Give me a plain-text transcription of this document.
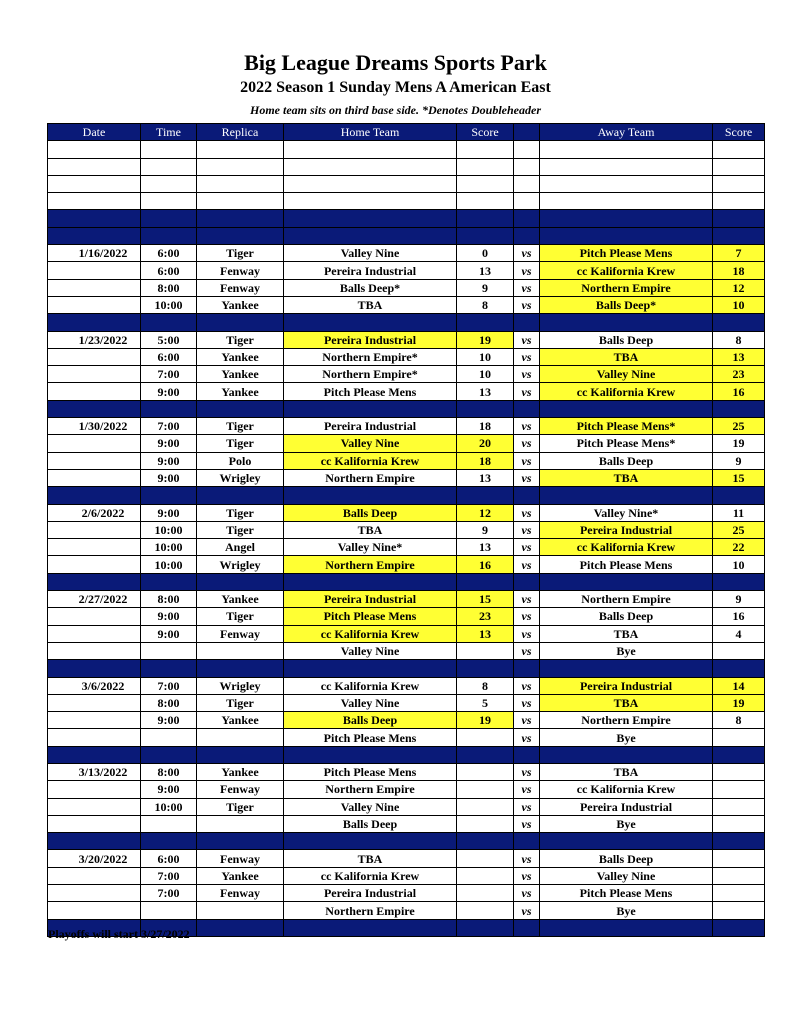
Big League Dreams Sports Park
2022 Season 1 Sunday Mens A American East
Home team sits on third base side. *Denotes Doubleheader
Date	Time	Replica	Home Team	Score		Away Team	Score

1/16/2022	6:00	Tiger	Valley Nine	0	vs	Pitch Please Mens	7
	6:00	Fenway	Pereira Industrial	13	vs	cc Kalifornia Krew	18
	8:00	Fenway	Balls Deep*	9	vs	Northern Empire	12
	10:00	Yankee	TBA	8	vs	Balls Deep*	10

1/23/2022	5:00	Tiger	Pereira Industrial	19	vs	Balls Deep	8
	6:00	Yankee	Northern Empire*	10	vs	TBA	13
	7:00	Yankee	Northern Empire*	10	vs	Valley Nine	23
	9:00	Yankee	Pitch Please Mens	13	vs	cc Kalifornia Krew	16

1/30/2022	7:00	Tiger	Pereira Industrial	18	vs	Pitch Please Mens*	25
	9:00	Tiger	Valley Nine	20	vs	Pitch Please Mens*	19
	9:00	Polo	cc Kalifornia Krew	18	vs	Balls Deep	9
	9:00	Wrigley	Northern Empire	13	vs	TBA	15

2/6/2022	9:00	Tiger	Balls Deep	12	vs	Valley Nine*	11
	10:00	Tiger	TBA	9	vs	Pereira Industrial	25
	10:00	Angel	Valley Nine*	13	vs	cc Kalifornia Krew	22
	10:00	Wrigley	Northern Empire	16	vs	Pitch Please Mens	10

2/27/2022	8:00	Yankee	Pereira Industrial	15	vs	Northern Empire	9
	9:00	Tiger	Pitch Please Mens	23	vs	Balls Deep	16
	9:00	Fenway	cc Kalifornia Krew	13	vs	TBA	4
			Valley Nine		vs	Bye	

3/6/2022	7:00	Wrigley	cc Kalifornia Krew	8	vs	Pereira Industrial	14
	8:00	Tiger	Valley Nine	5	vs	TBA	19
	9:00	Yankee	Balls Deep	19	vs	Northern Empire	8
			Pitch Please Mens		vs	Bye	

3/13/2022	8:00	Yankee	Pitch Please Mens		vs	TBA	
	9:00	Fenway	Northern Empire		vs	cc Kalifornia Krew	
	10:00	Tiger	Valley Nine		vs	Pereira Industrial	
			Balls Deep		vs	Bye	

3/20/2022	6:00	Fenway	TBA		vs	Balls Deep	
	7:00	Yankee	cc Kalifornia Krew		vs	Valley Nine	
	7:00	Fenway	Pereira Industrial		vs	Pitch Please Mens	
			Northern Empire		vs	Bye	

Playoffs will start 3/27/2022
